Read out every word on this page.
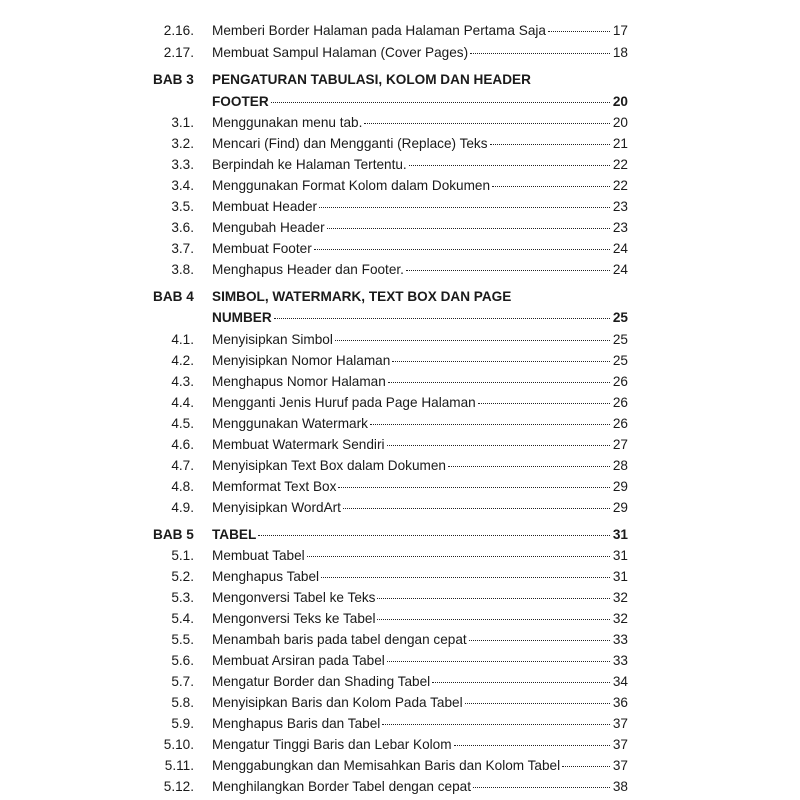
2.16. Memberi Border Halaman pada Halaman Pertama Saja	17
2.17. Membuat Sampul Halaman (Cover Pages)	18
BAB 3 PENGATURAN TABULASI, KOLOM DAN HEADER
FOOTER	20
3.1. Menggunakan menu tab.	20
3.2. Mencari (Find) dan Mengganti (Replace) Teks	21
3.3. Berpindah ke Halaman Tertentu.	22
3.4. Menggunakan Format Kolom dalam Dokumen	22
3.5. Membuat Header	23
3.6. Mengubah Header	23
3.7. Membuat Footer	24
3.8. Menghapus Header dan Footer.	24
BAB 4 SIMBOL, WATERMARK, TEXT BOX DAN PAGE
NUMBER	25
4.1. Menyisipkan Simbol	25
4.2. Menyisipkan Nomor Halaman	25
4.3. Menghapus Nomor Halaman	26
4.4. Mengganti Jenis Huruf pada Page Halaman	26
4.5. Menggunakan Watermark	26
4.6. Membuat Watermark Sendiri	27
4.7. Menyisipkan Text Box dalam Dokumen	28
4.8. Memformat Text Box	29
4.9. Menyisipkan WordArt	29
BAB 5 TABEL	31
5.1. Membuat Tabel	31
5.2. Menghapus Tabel	31
5.3. Mengonversi Tabel ke Teks	32
5.4. Mengonversi Teks ke Tabel	32
5.5. Menambah baris pada tabel dengan cepat	33
5.6. Membuat Arsiran pada Tabel	33
5.7. Mengatur Border dan Shading Tabel	34
5.8. Menyisipkan Baris dan Kolom Pada Tabel	36
5.9. Menghapus Baris dan Tabel	37
5.10. Mengatur Tinggi Baris dan Lebar Kolom	37
5.11. Menggabungkan dan Memisahkan Baris dan Kolom Tabel	37
5.12. Menghilangkan Border Tabel dengan cepat	38
